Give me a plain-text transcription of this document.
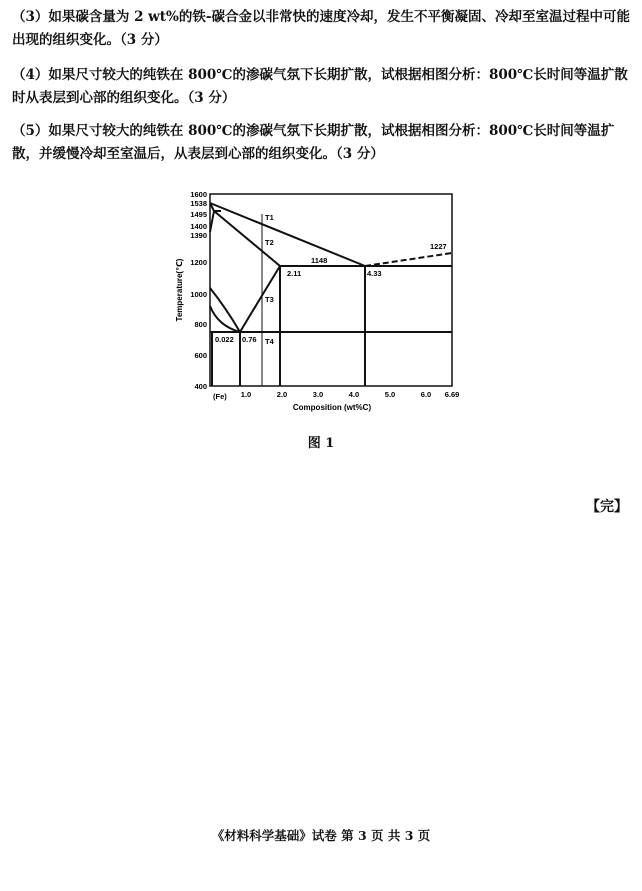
（3）如果碳含量为 2 wt%的铁-碳合金以非常快的速度冷却，发生不平衡凝固、冷却至室温过程中可能出现的组织变化。（3 分）

（4）如果尺寸较大的纯铁在 800℃的渗碳气氛下长期扩散，试根据相图分析：800℃长时间等温扩散时从表层到心部的组织变化。（3 分）

（5）如果尺寸较大的纯铁在 800℃的渗碳气氛下长期扩散，试根据相图分析：800℃长时间等温扩散，并缓慢冷却至室温后，从表层到心部的组织变化。（3 分）

Temperature(℃)
1600
1538
1495
1400
1390
1200
1000
800
600
400
(Fe) 1.0	2.0	3.0	4.0	5.0	6.0 6.69
Composition (wt%C)
T1
T2
T3
T4
1148
4.33
2.11
0.76
0.022
1227
图 1
【完】
《材料科学基础》试卷 第 3 页 共 3 页
